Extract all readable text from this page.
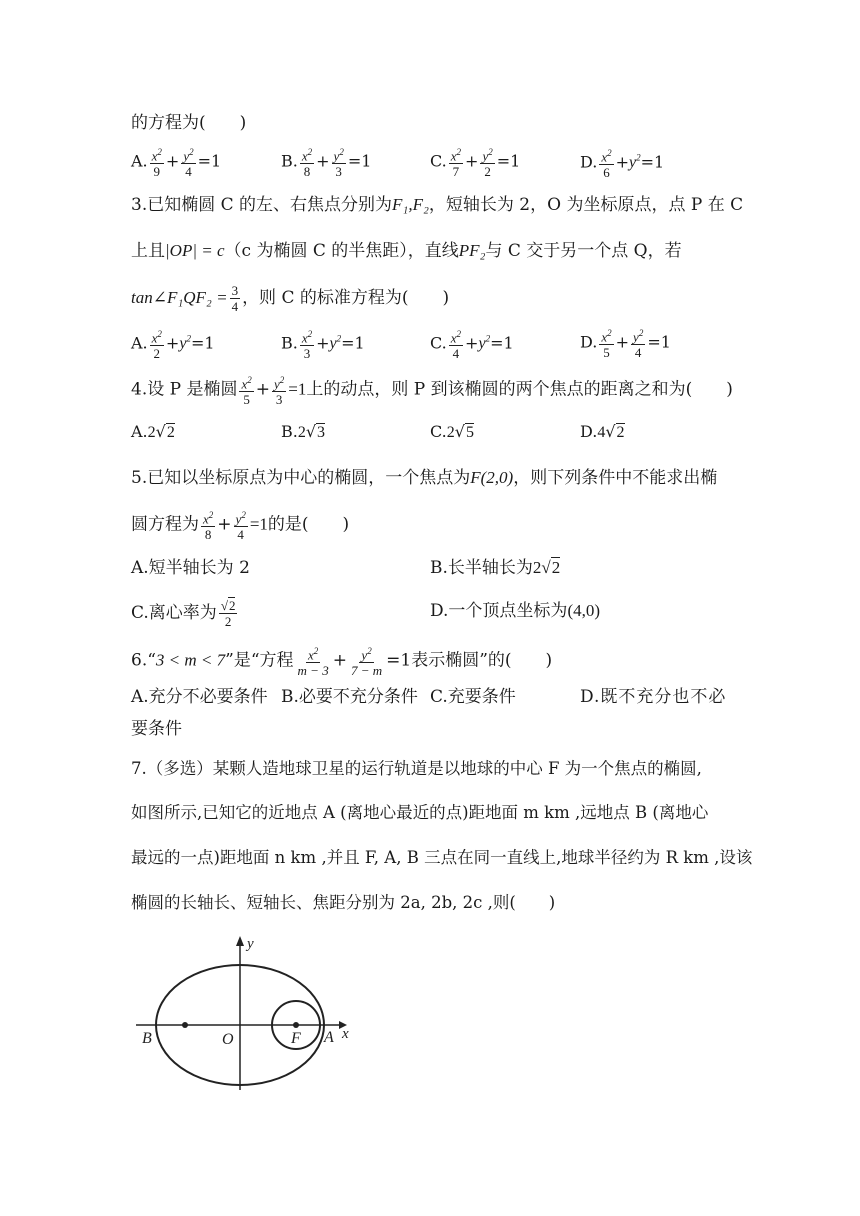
的方程为(　　)
A. $\frac{x^2}{9} + \frac{y^2}{4} =1$	B. $\frac{x^2}{8} + \frac{y^2}{3} =1$	C. $\frac{x^2}{7} + \frac{y^2}{2} =1$	D. $\frac{x^2}{6} +y^2=1$
3.已知椭圆 C 的左、右焦点分别为F₁,F₂，短轴长为 2，O 为坐标原点，点 P 在 C
上且|OP| = c（c 为椭圆 C 的半焦距），直线PF₂与 C 交于另一个点 Q，若
tan∠F₁QF₂ = $\frac{3}{4}$ ，则 C 的标准方程为(　　)
A. $\frac{x^2}{2} +y^2=1$	B. $\frac{x^2}{3} +y^2=1$	C. $\frac{x^2}{4} +y^2=1$	D. $\frac{x^2}{5} + \frac{y^2}{4} =1$
4.设 P 是椭圆 $\frac{x^2}{5} + \frac{y^2}{3} =1$上的动点，则 P 到该椭圆的两个焦点的距离之和为(　　)
A.2√2	B.2√3	C.2√5	D.4√2
5.已知以坐标原点为中心的椭圆，一个焦点为F(2,0)，则下列条件中不能求出椭
圆方程为 $\frac{x^2}{8} + \frac{y^2}{4} =1$的是(　　)
A.短半轴长为 2	B.长半轴长为2√2
C.离心率为 $\frac{√2}{2}$	D.一个顶点坐标为(4,0)
6.“3 < m < 7”是“方程 $\frac{x^2}{m - 3} + \frac{y^2}{7 - m} =1$表示椭圆”的(　　)
A.充分不必要条件 B.必要不充分条件 C.充要条件	D.既不充分也不必
要条件
7.（多选）某颗人造地球卫星的运行轨道是以地球的中心 F 为一个焦点的椭圆,
如图所示,已知它的近地点 A (离地心最近的点)距地面 m km ,远地点 B (离地心
最远的一点)距地面 n km ,并且 F, A, B 三点在同一直线上,地球半径约为 R km ,设该
椭圆的长轴长、短轴长、焦距分别为 2a, 2b, 2c ,则(　　)
y
x
B	O	F A
